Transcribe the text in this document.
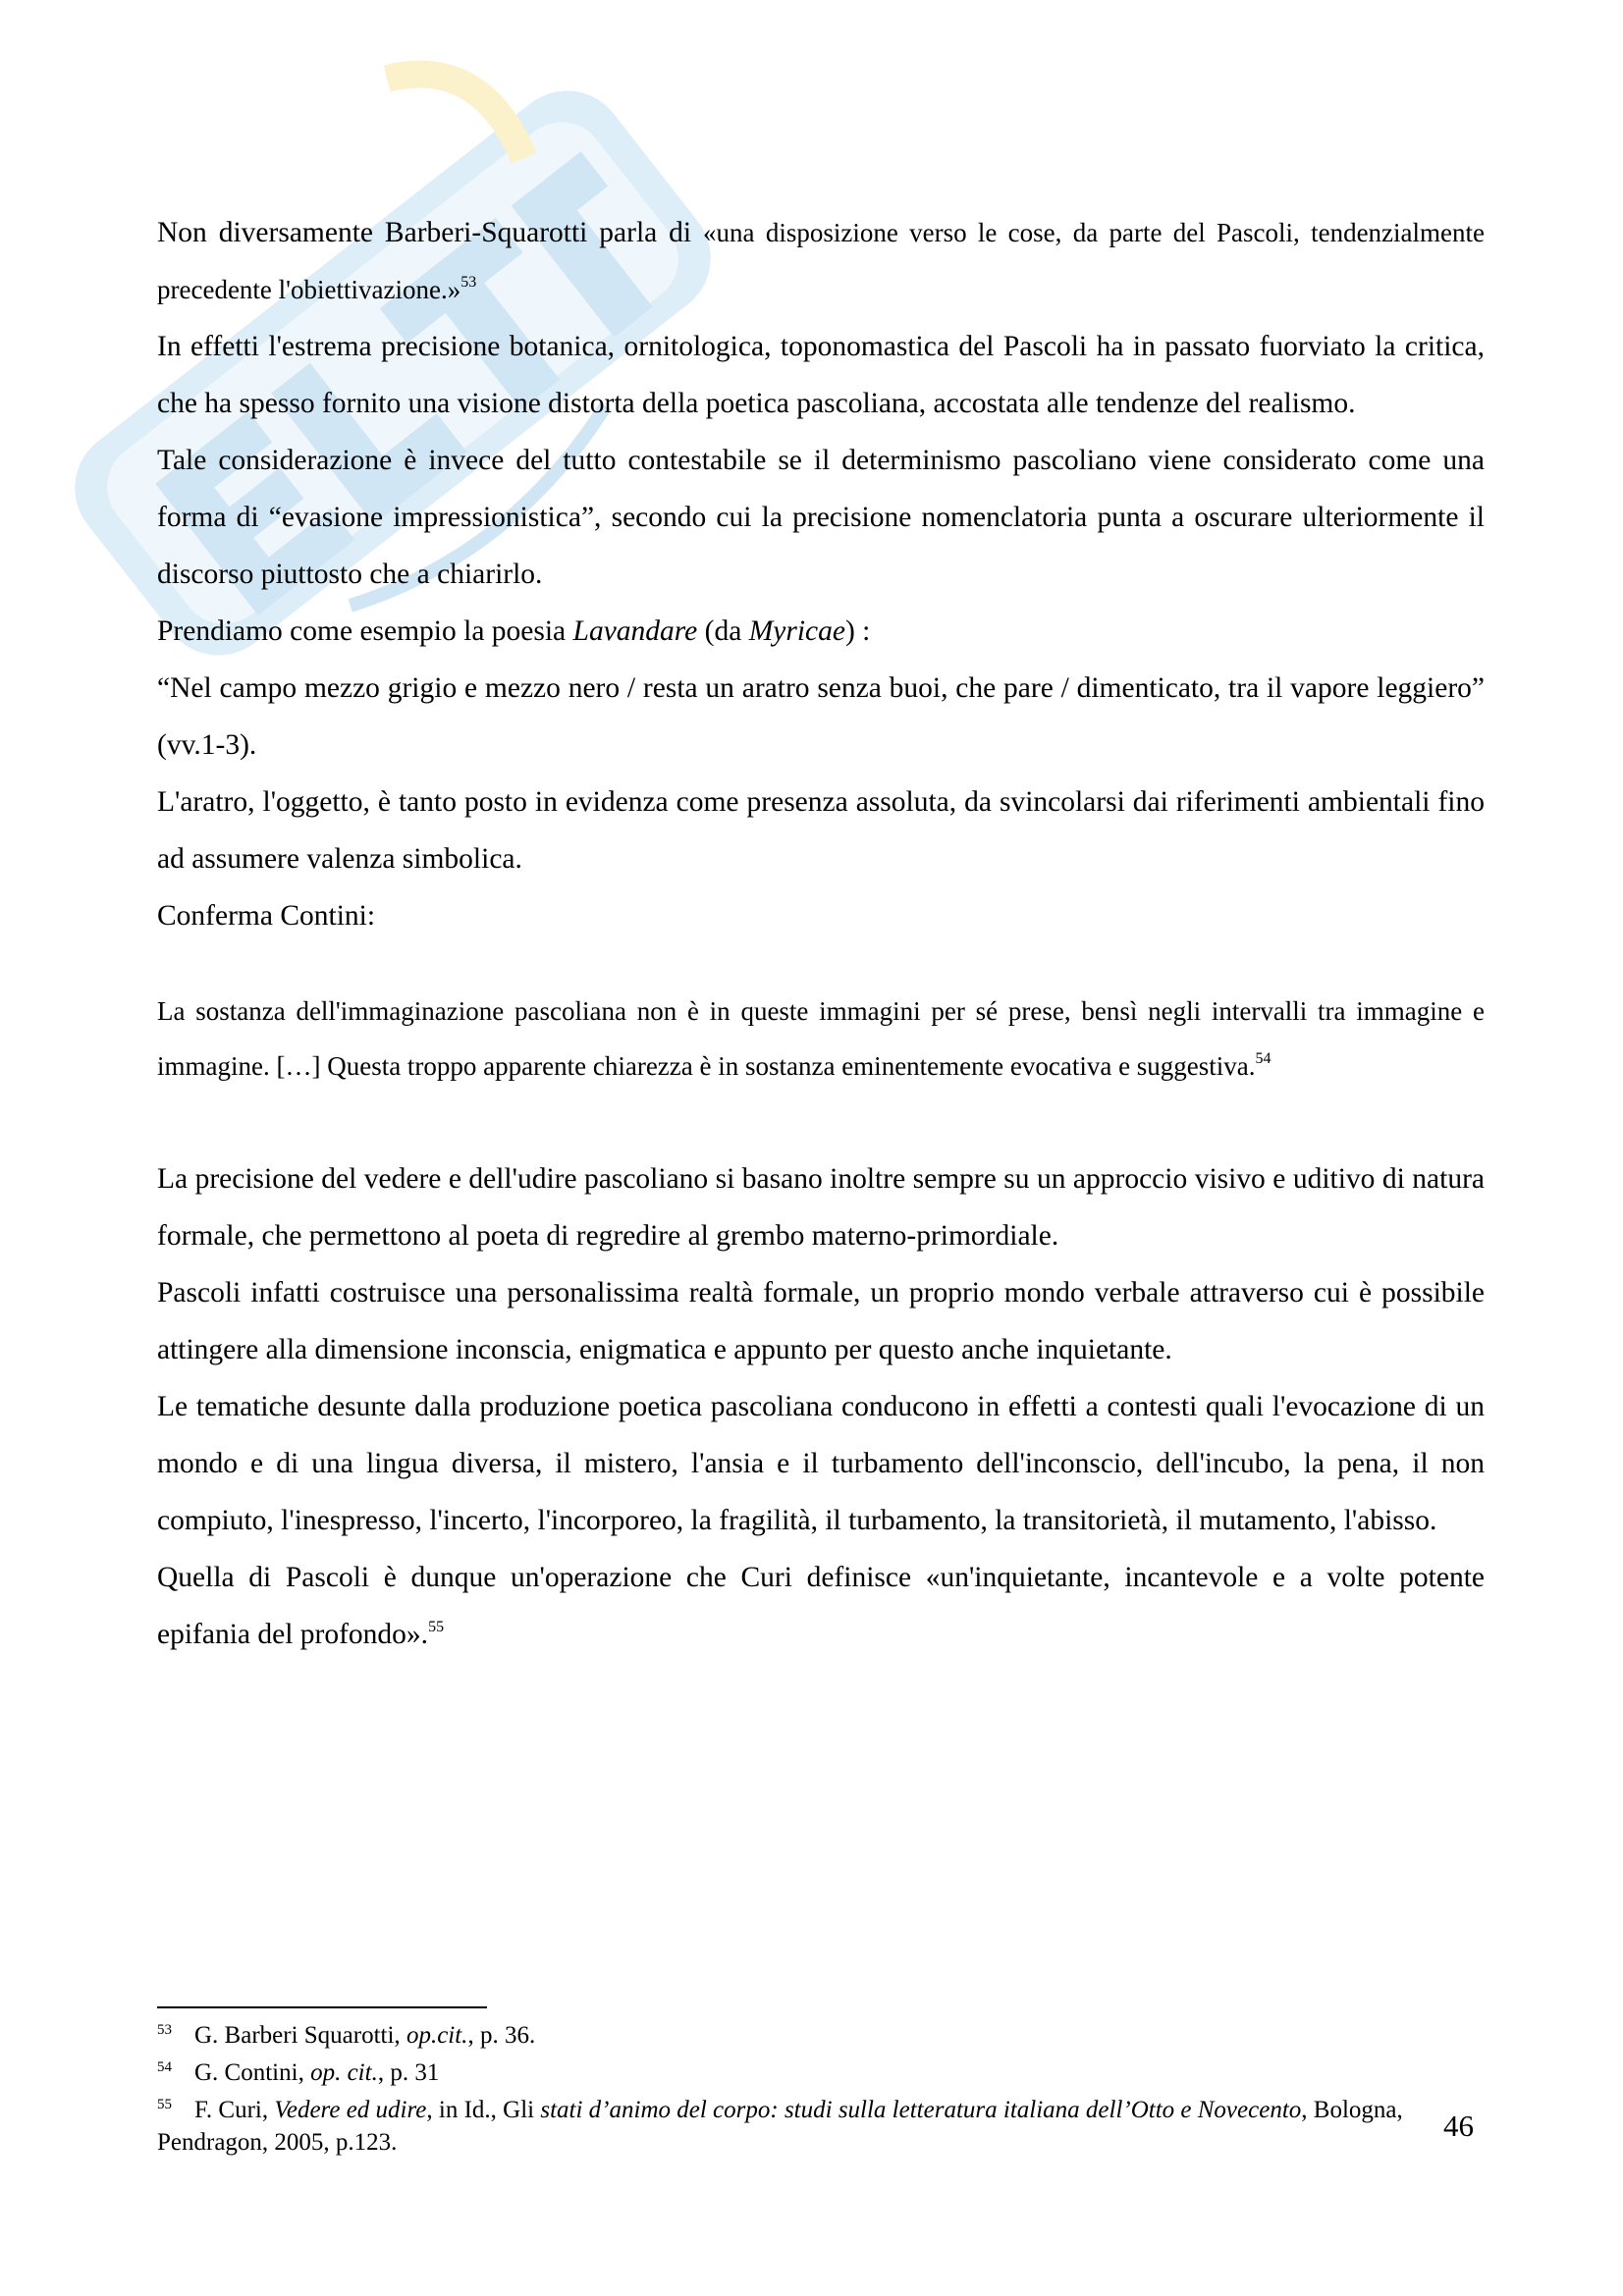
Non diversamente Barberi-Squarotti parla di «una disposizione verso le cose, da parte del Pascoli, tendenzialmente precedente l'obiettivazione.»$^{53}$

In effetti l'estrema precisione botanica, ornitologica, toponomastica del Pascoli ha in passato fuorviato la critica, che ha spesso fornito una visione distorta della poetica pascoliana, accostata alle tendenze del realismo.

Tale considerazione è invece del tutto contestabile se il determinismo pascoliano viene considerato come una forma di “evasione impressionistica”, secondo cui la precisione nomenclatoria punta a oscurare ulteriormente il discorso piuttosto che a chiarirlo.

Prendiamo come esempio la poesia Lavandare (da Myricae) :

“Nel campo mezzo grigio e mezzo nero / resta un aratro senza buoi, che pare / dimenticato, tra il vapore leggiero” (vv.1-3).

L'aratro, l'oggetto, è tanto posto in evidenza come presenza assoluta, da svincolarsi dai riferimenti ambientali fino ad assumere valenza simbolica.

Conferma Contini:

La sostanza dell'immaginazione pascoliana non è in queste immagini per sé prese, bensì negli intervalli tra immagine e immagine. […] Questa troppo apparente chiarezza è in sostanza eminentemente evocativa e suggestiva.$^{54}$

La precisione del vedere e dell'udire pascoliano si basano inoltre sempre su un approccio visivo e uditivo di natura formale, che permettono al poeta di regredire al grembo materno-primordiale.

Pascoli infatti costruisce una personalissima realtà formale, un proprio mondo verbale attraverso cui è possibile attingere alla dimensione inconscia, enigmatica e appunto per questo anche inquietante.

Le tematiche desunte dalla produzione poetica pascoliana conducono in effetti a contesti quali l'evocazione di un mondo e di una lingua diversa, il mistero, l'ansia e il turbamento dell'inconscio, dell'incubo, la pena, il non compiuto, l'inespresso, l'incerto, l'incorporeo, la fragilità, il turbamento, la transitorietà, il mutamento, l'abisso.

Quella di Pascoli è dunque un'operazione che Curi definisce «un'inquietante, incantevole e a volte potente epifania del profondo».$^{55}$

53 G. Barberi Squarotti, op.cit., p. 36.

54 G. Contini, op. cit., p. 31

55 F. Curi, Vedere ed udire, in Id., Gli stati d’animo del corpo: studi sulla letteratura italiana dell’Otto e Novecento, Bologna, Pendragon, 2005, p.123.	46
